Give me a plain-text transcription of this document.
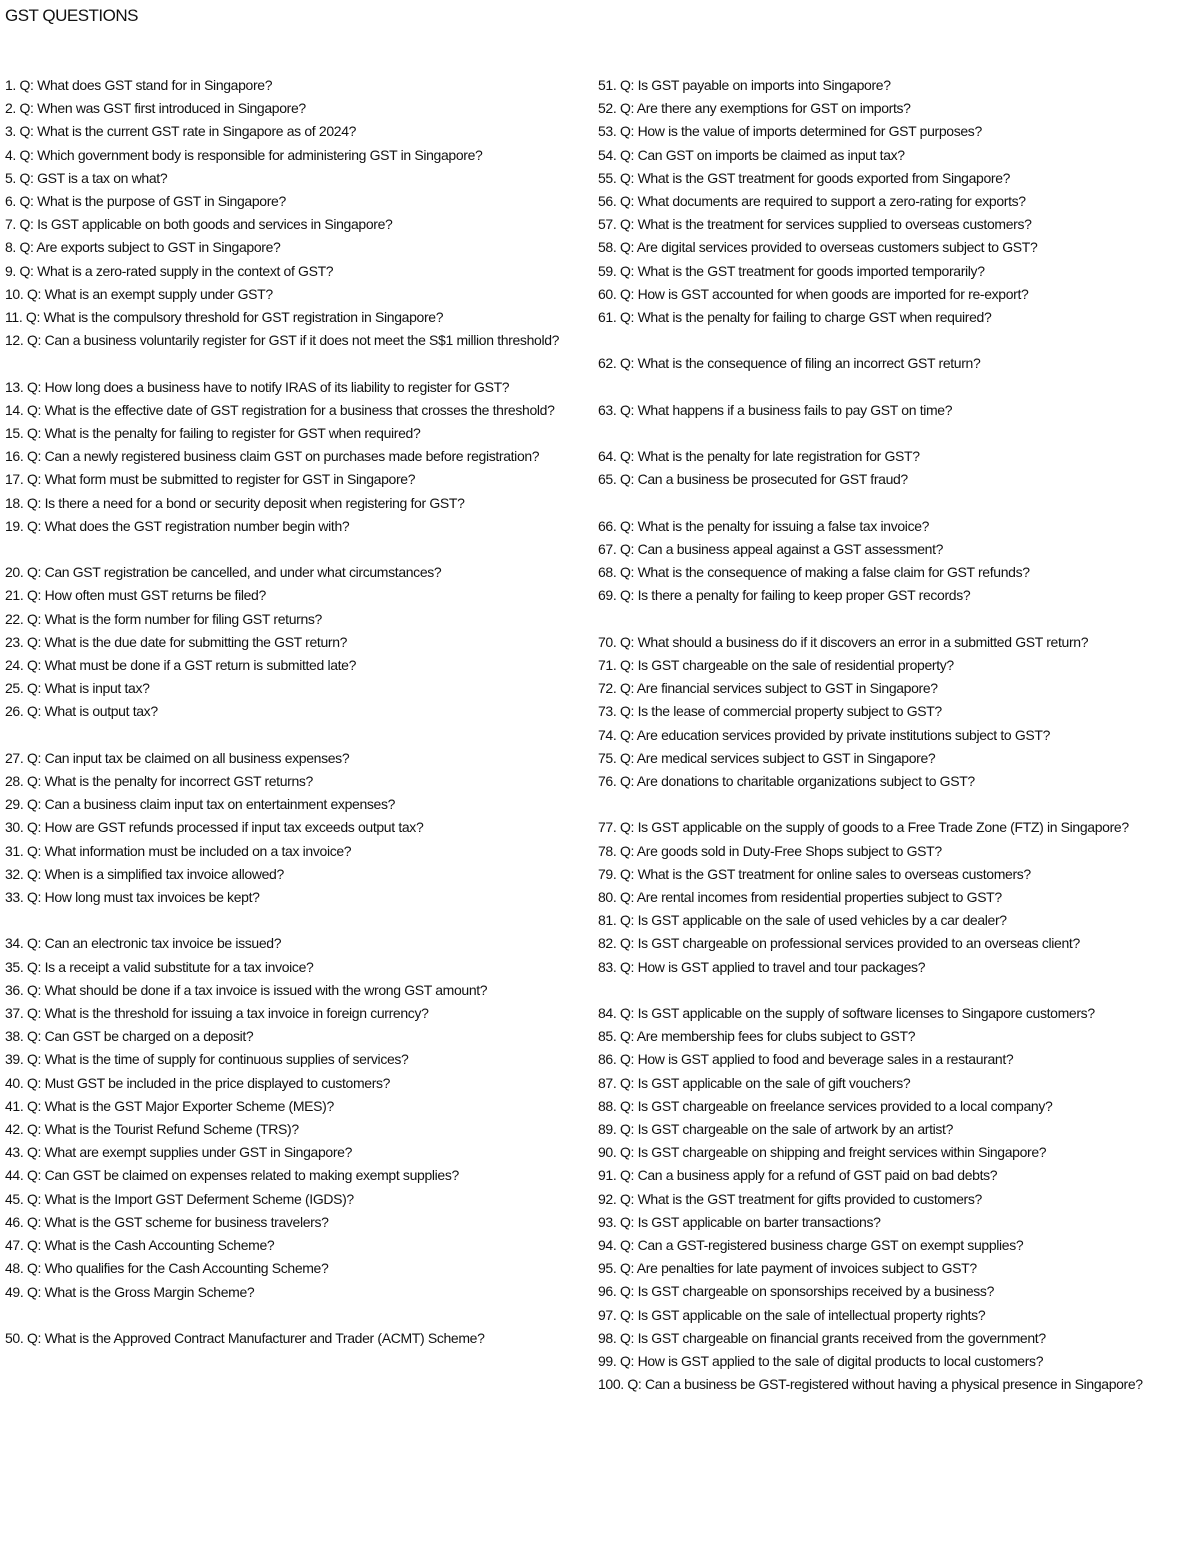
GST QUESTIONS
1. Q: What does GST stand for in Singapore?
2. Q: When was GST first introduced in Singapore?
3. Q: What is the current GST rate in Singapore as of 2024?
4. Q: Which government body is responsible for administering GST in Singapore?
5. Q: GST is a tax on what?
6. Q: What is the purpose of GST in Singapore?
7. Q: Is GST applicable on both goods and services in Singapore?
8. Q: Are exports subject to GST in Singapore?
9. Q: What is a zero-rated supply in the context of GST?
10. Q: What is an exempt supply under GST?
11. Q: What is the compulsory threshold for GST registration in Singapore?
12. Q: Can a business voluntarily register for GST if it does not meet the S$1 million threshold?
13. Q: How long does a business have to notify IRAS of its liability to register for GST?
14. Q: What is the effective date of GST registration for a business that crosses the threshold?
15. Q: What is the penalty for failing to register for GST when required?
16. Q: Can a newly registered business claim GST on purchases made before registration?
17. Q: What form must be submitted to register for GST in Singapore?
18. Q: Is there a need for a bond or security deposit when registering for GST?
19. Q: What does the GST registration number begin with?
20. Q: Can GST registration be cancelled, and under what circumstances?
21. Q: How often must GST returns be filed?
22. Q: What is the form number for filing GST returns?
23. Q: What is the due date for submitting the GST return?
24. Q: What must be done if a GST return is submitted late?
25. Q: What is input tax?
26. Q: What is output tax?
27. Q: Can input tax be claimed on all business expenses?
28. Q: What is the penalty for incorrect GST returns?
29. Q: Can a business claim input tax on entertainment expenses?
30. Q: How are GST refunds processed if input tax exceeds output tax?
31. Q: What information must be included on a tax invoice?
32. Q: When is a simplified tax invoice allowed?
33. Q: How long must tax invoices be kept?
34. Q: Can an electronic tax invoice be issued?
35. Q: Is a receipt a valid substitute for a tax invoice?
36. Q: What should be done if a tax invoice is issued with the wrong GST amount?
37. Q: What is the threshold for issuing a tax invoice in foreign currency?
38. Q: Can GST be charged on a deposit?
39. Q: What is the time of supply for continuous supplies of services?
40. Q: Must GST be included in the price displayed to customers?
41. Q: What is the GST Major Exporter Scheme (MES)?
42. Q: What is the Tourist Refund Scheme (TRS)?
43. Q: What are exempt supplies under GST in Singapore?
44. Q: Can GST be claimed on expenses related to making exempt supplies?
45. Q: What is the Import GST Deferment Scheme (IGDS)?
46. Q: What is the GST scheme for business travelers?
47. Q: What is the Cash Accounting Scheme?
48. Q: Who qualifies for the Cash Accounting Scheme?
49. Q: What is the Gross Margin Scheme?
50. Q: What is the Approved Contract Manufacturer and Trader (ACMT) Scheme?
51. Q: Is GST payable on imports into Singapore?
52. Q: Are there any exemptions for GST on imports?
53. Q: How is the value of imports determined for GST purposes?
54. Q: Can GST on imports be claimed as input tax?
55. Q: What is the GST treatment for goods exported from Singapore?
56. Q: What documents are required to support a zero-rating for exports?
57. Q: What is the treatment for services supplied to overseas customers?
58. Q: Are digital services provided to overseas customers subject to GST?
59. Q: What is the GST treatment for goods imported temporarily?
60. Q: How is GST accounted for when goods are imported for re-export?
61. Q: What is the penalty for failing to charge GST when required?
62. Q: What is the consequence of filing an incorrect GST return?
63. Q: What happens if a business fails to pay GST on time?
64. Q: What is the penalty for late registration for GST?
65. Q: Can a business be prosecuted for GST fraud?
66. Q: What is the penalty for issuing a false tax invoice?
67. Q: Can a business appeal against a GST assessment?
68. Q: What is the consequence of making a false claim for GST refunds?
69. Q: Is there a penalty for failing to keep proper GST records?
70. Q: What should a business do if it discovers an error in a submitted GST return?
71. Q: Is GST chargeable on the sale of residential property?
72. Q: Are financial services subject to GST in Singapore?
73. Q: Is the lease of commercial property subject to GST?
74. Q: Are education services provided by private institutions subject to GST?
75. Q: Are medical services subject to GST in Singapore?
76. Q: Are donations to charitable organizations subject to GST?
77. Q: Is GST applicable on the supply of goods to a Free Trade Zone (FTZ) in Singapore?
78. Q: Are goods sold in Duty-Free Shops subject to GST?
79. Q: What is the GST treatment for online sales to overseas customers?
80. Q: Are rental incomes from residential properties subject to GST?
81. Q: Is GST applicable on the sale of used vehicles by a car dealer?
82. Q: Is GST chargeable on professional services provided to an overseas client?
83. Q: How is GST applied to travel and tour packages?
84. Q: Is GST applicable on the supply of software licenses to Singapore customers?
85. Q: Are membership fees for clubs subject to GST?
86. Q: How is GST applied to food and beverage sales in a restaurant?
87. Q: Is GST applicable on the sale of gift vouchers?
88. Q: Is GST chargeable on freelance services provided to a local company?
89. Q: Is GST chargeable on the sale of artwork by an artist?
90. Q: Is GST chargeable on shipping and freight services within Singapore?
91. Q: Can a business apply for a refund of GST paid on bad debts?
92. Q: What is the GST treatment for gifts provided to customers?
93. Q: Is GST applicable on barter transactions?
94. Q: Can a GST-registered business charge GST on exempt supplies?
95. Q: Are penalties for late payment of invoices subject to GST?
96. Q: Is GST chargeable on sponsorships received by a business?
97. Q: Is GST applicable on the sale of intellectual property rights?
98. Q: Is GST chargeable on financial grants received from the government?
99. Q: How is GST applied to the sale of digital products to local customers?
100. Q: Can a business be GST-registered without having a physical presence in Singapore?
